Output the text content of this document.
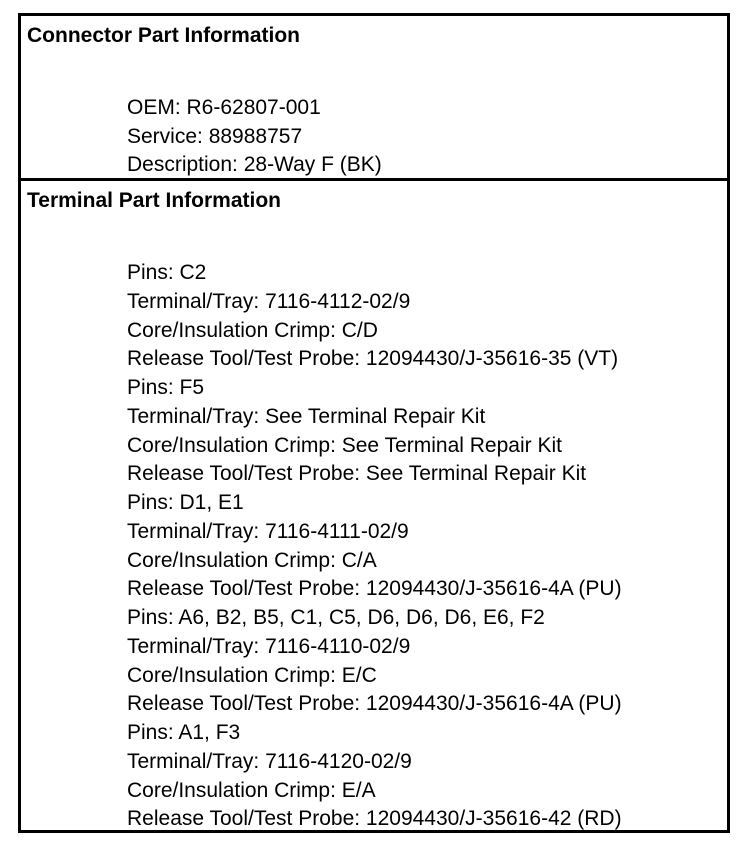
Connector Part Information
OEM: R6-62807-001
Service: 88988757
Description: 28-Way F (BK)
Terminal Part Information
Pins: C2
Terminal/Tray: 7116-4112-02/9
Core/Insulation Crimp: C/D
Release Tool/Test Probe: 12094430/J-35616-35 (VT)
Pins: F5
Terminal/Tray: See Terminal Repair Kit
Core/Insulation Crimp: See Terminal Repair Kit
Release Tool/Test Probe: See Terminal Repair Kit
Pins: D1, E1
Terminal/Tray: 7116-4111-02/9
Core/Insulation Crimp: C/A
Release Tool/Test Probe: 12094430/J-35616-4A (PU)
Pins: A6, B2, B5, C1, C5, D6, D6, D6, E6, F2
Terminal/Tray: 7116-4110-02/9
Core/Insulation Crimp: E/C
Release Tool/Test Probe: 12094430/J-35616-4A (PU)
Pins: A1, F3
Terminal/Tray: 7116-4120-02/9
Core/Insulation Crimp: E/A
Release Tool/Test Probe: 12094430/J-35616-42 (RD)
